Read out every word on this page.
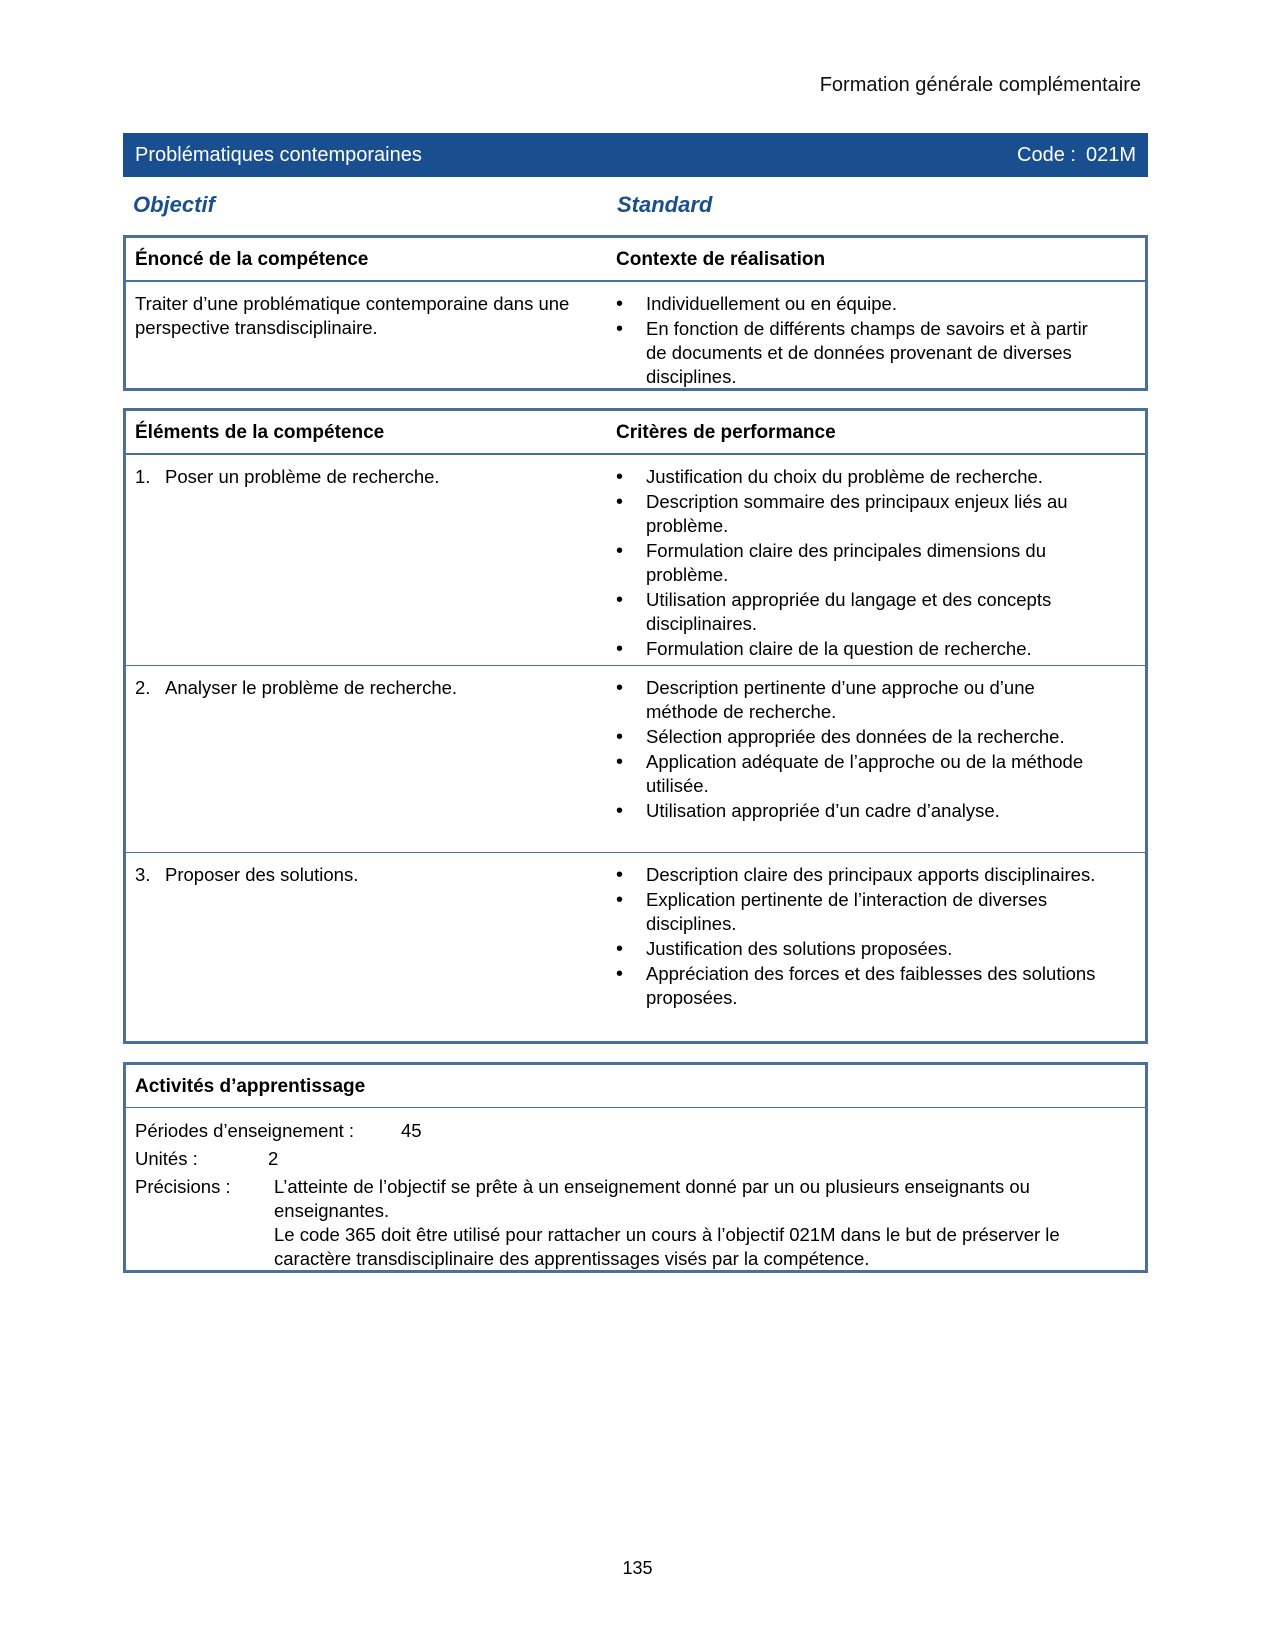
Formation générale complémentaire
Problématiques contemporaines	Code : 021M
Objectif	Standard
Énoncé de la compétence	Contexte de réalisation
Traiter d’une problématique contemporaine dans une perspective transdisciplinaire.
• Individuellement ou en équipe.
• En fonction de différents champs de savoirs et à partir de documents et de données provenant de diverses disciplines.
Éléments de la compétence	Critères de performance
1. Poser un problème de recherche.	• Justification du choix du problème de recherche.
• Description sommaire des principaux enjeux liés au problème.
• Formulation claire des principales dimensions du problème.
• Utilisation appropriée du langage et des concepts disciplinaires.
• Formulation claire de la question de recherche.
2. Analyser le problème de recherche.	• Description pertinente d’une approche ou d’une méthode de recherche.
• Sélection appropriée des données de la recherche.
• Application adéquate de l’approche ou de la méthode utilisée.
• Utilisation appropriée d’un cadre d’analyse.
3. Proposer des solutions.	• Description claire des principaux apports disciplinaires.
• Explication pertinente de l’interaction de diverses disciplines.
• Justification des solutions proposées.
• Appréciation des forces et des faiblesses des solutions proposées.
Activités d’apprentissage
Périodes d’enseignement :	45
Unités :	2
Précisions : L’atteinte de l’objectif se prête à un enseignement donné par un ou plusieurs enseignants ou enseignantes.

Le code 365 doit être utilisé pour rattacher un cours à l’objectif 021M dans le but de préserver le caractère transdisciplinaire des apprentissages visés par la compétence.

135
